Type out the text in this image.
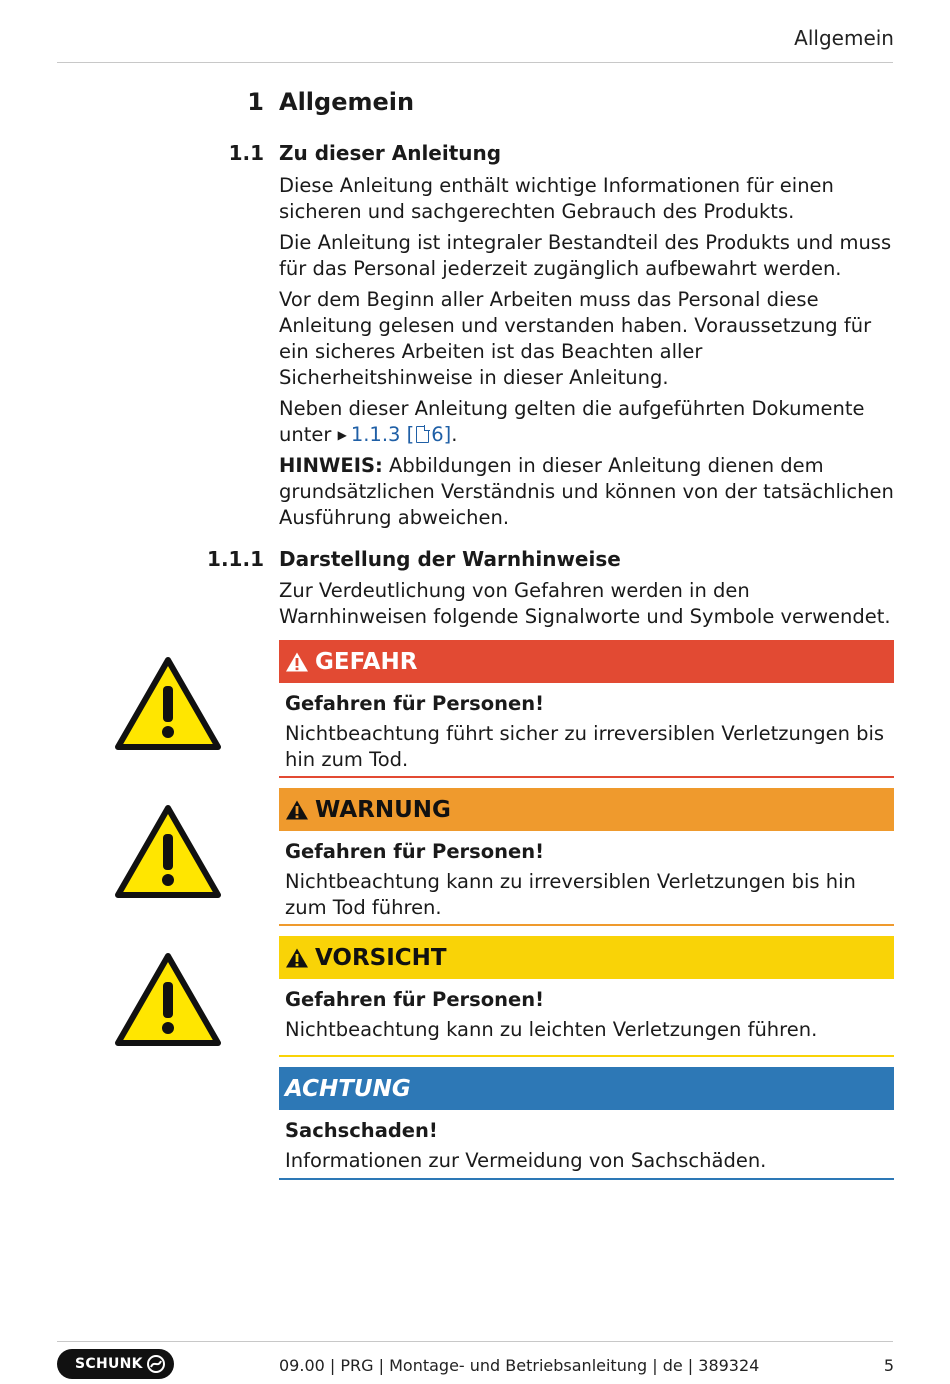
Allgemein
1 Allgemein
1.1 Zu dieser Anleitung

Diese Anleitung enthält wichtige Informationen für einen sicheren und sachgerechten Gebrauch des Produkts.

Die Anleitung ist integraler Bestandteil des Produkts und muss für das Personal jederzeit zugänglich aufbewahrt werden.

Vor dem Beginn aller Arbeiten muss das Personal diese Anleitung gelesen und verstanden haben. Voraussetzung für ein sicheres Arbeiten ist das Beachten aller Sicherheitshinweise in dieser Anleitung.

Neben dieser Anleitung gelten die aufgeführten Dokumente unter ▶ 1.1.3 [ 6].

HINWEIS: Abbildungen in dieser Anleitung dienen dem grundsätzlichen Verständnis und können von der tatsächlichen Ausführung abweichen.

1.1.1 Darstellung der Warnhinweise

Zur Verdeutlichung von Gefahren werden in den Warnhinweisen folgende Signalworte und Symbole verwendet.

GEFAHR
Gefahren für Personen!
Nichtbeachtung führt sicher zu irreversiblen Verletzungen bis hin zum Tod.
WARNUNG
Gefahren für Personen!
Nichtbeachtung kann zu irreversiblen Verletzungen bis hin zum Tod führen.
VORSICHT
Gefahren für Personen!
Nichtbeachtung kann zu leichten Verletzungen führen.
ACHTUNG
Sachschaden!
Informationen zur Vermeidung von Sachschäden.
SCHUNK	09.00 | PRG | Montage- und Betriebsanleitung | de | 389324	5
